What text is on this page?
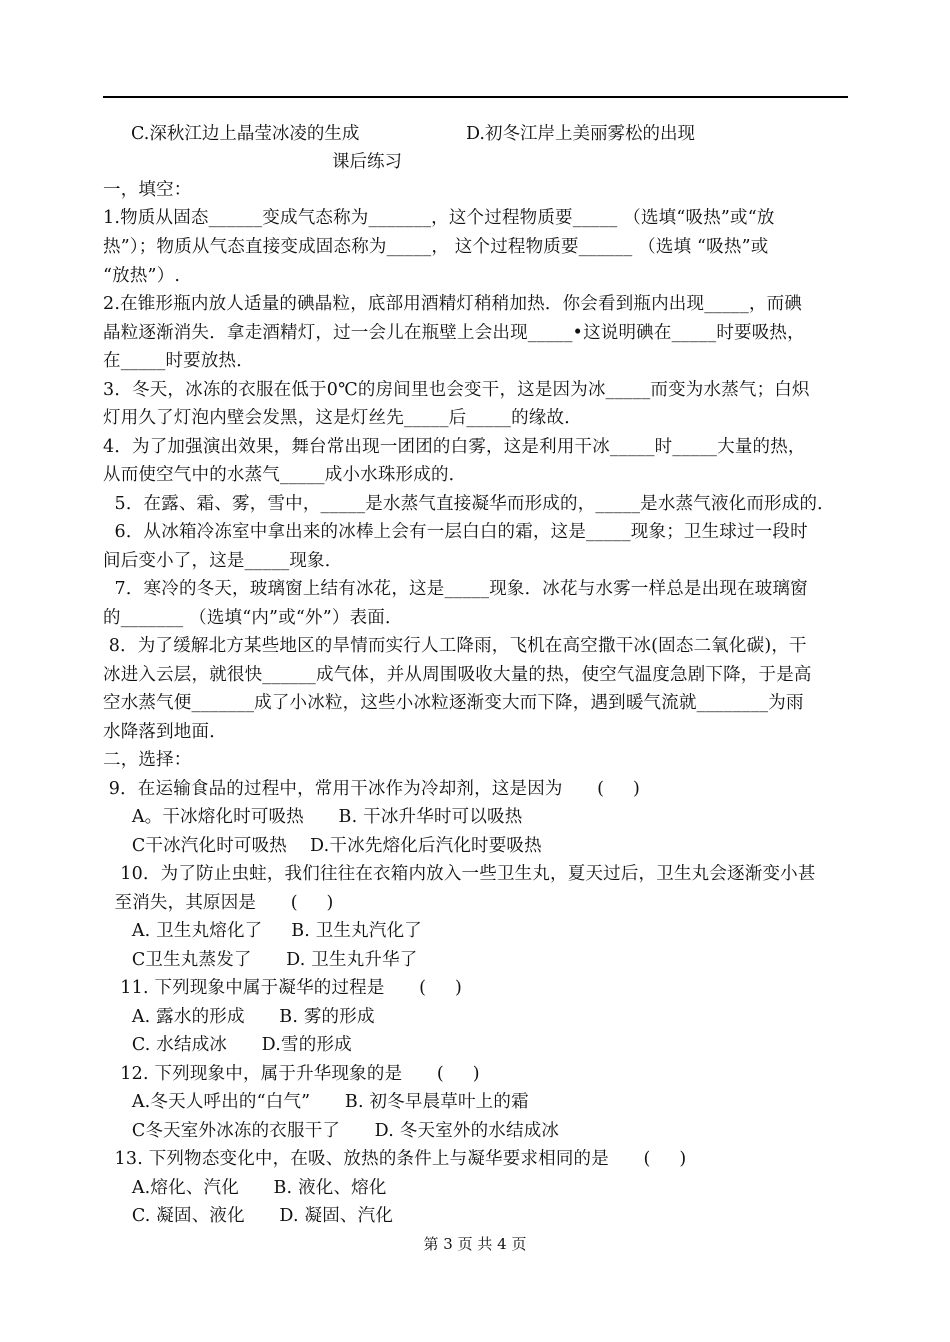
C.深秋江边上晶莹冰凌的生成	D.初冬江岸上美丽雾松的出现
课后练习
一，填空：
1.物质从固态______变成气态称为_______，这个过程物质要_____ （选填“吸热”或“放
热”）；物质从气态直接变成固态称为_____， 这个过程物质要______ （选填 “吸热”或
“放热”）.
2.在锥形瓶内放人适量的碘晶粒，底部用酒精灯稍稍加热．你会看到瓶内出现_____，而碘
晶粒逐渐消失．拿走酒精灯，过一会儿在瓶壁上会出现_____•这说明碘在_____时要吸热，
在_____时要放热．
3．冬天，冰冻的衣服在低于0℃的房间里也会变干，这是因为冰_____而变为水蒸气；白炽
灯用久了灯泡内壁会发黑，这是灯丝先_____后_____的缘故．
4．为了加强演出效果，舞台常出现一团团的白雾，这是利用干冰_____时_____大量的热，
从而使空气中的水蒸气_____成小水珠形成的．
5．在露、霜、雾，雪中，_____是水蒸气直接凝华而形成的，_____是水蒸气液化而形成的．
6．从冰箱冷冻室中拿出来的冰棒上会有一层白白的霜，这是_____现象；卫生球过一段时
间后变小了，这是_____现象．
7．寒冷的冬天，玻璃窗上结有冰花，这是_____现象．冰花与水雾一样总是出现在玻璃窗
的_______ （选填“内”或“外”）表面．
8．为了缓解北方某些地区的旱情而实行人工降雨，飞机在高空撒干冰(固态二氧化碳)，干
冰进入云层，就很快______成气体，并从周围吸收大量的热，使空气温度急剧下降，于是高
空水蒸气便_______成了小冰粒，这些小冰粒逐渐变大而下降，遇到暖气流就________为雨
水降落到地面．
二，选择：
9．在运输食品的过程中，常用干冰作为冷却剂，这是因为      (     )
A。干冰熔化时可吸热      B. 干冰升华时可以吸热
C干冰汽化时可吸热    D.干冰先熔化后汽化时要吸热
10．为了防止虫蛀，我们往往在衣箱内放入一些卫生丸，夏天过后，卫生丸会逐渐变小甚
至消失，其原因是      (     )
A. 卫生丸熔化了     B. 卫生丸汽化了
C卫生丸蒸发了      D. 卫生丸升华了
11. 下列现象中属于凝华的过程是      (     )
A. 露水的形成      B. 雾的形成
C. 水结成冰      D.雪的形成
12. 下列现象中，属于升华现象的是      (     )
A.冬天人呼出的“白气”      B. 初冬早晨草叶上的霜
C冬天室外冰冻的衣服干了      D. 冬天室外的水结成冰
13. 下列物态变化中，在吸、放热的条件上与凝华要求相同的是      (     )
A.熔化、汽化      B. 液化、熔化
C. 凝固、液化      D. 凝固、汽化
第 3 页 共 4 页
